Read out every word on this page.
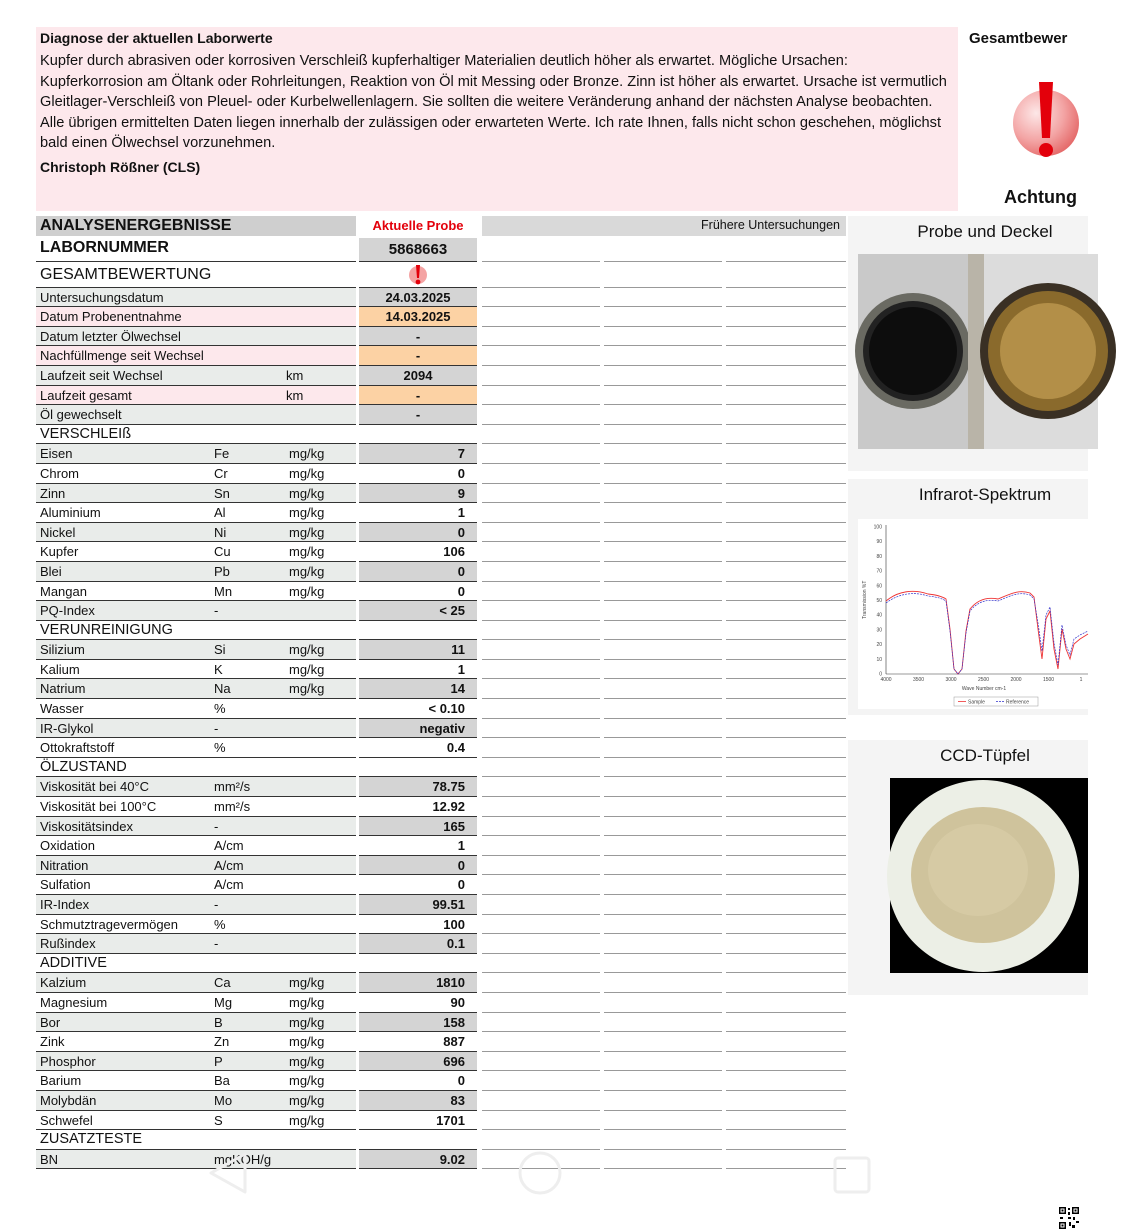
Diagnose der aktuellen Laborwerte

Kupfer durch abrasiven oder korrosiven Verschleiß kupferhaltiger Materialien deutlich höher als erwartet. Mögliche Ursachen: Kupferkorrosion am Öltank oder Rohrleitungen, Reaktion von Öl mit Messing oder Bronze. Zinn ist höher als erwartet. Ursache ist vermutlich Gleitlager-Verschleiß von Pleuel- oder Kurbelwellenlagern. Sie sollten die weitere Veränderung anhand der nächsten Analyse beobachten. Alle übrigen ermittelten Daten liegen innerhalb der zulässigen oder erwarteten Werte. Ich rate Ihnen, falls nicht schon geschehen, möglichst bald einen Ölwechsel vorzunehmen.

Christoph Rößner (CLS)
Gesamtbewer
Achtung
ANALYSENERGEBNISSE	Aktuelle Probe	Frühere Untersuchungen
LABORNUMMER	5868663
GESAMTBEWERTUNG
Untersuchungsdatum	24.03.2025
Datum Probenentnahme	14.03.2025
Datum letzter Ölwechsel	-
Nachfüllmenge seit Wechsel	-
Laufzeit seit Wechsel	km	2094
Laufzeit gesamt	km	-
Öl gewechselt	-
VERSCHLEIß
Eisen	Fe	mg/kg	7
Chrom	Cr	mg/kg	0
Zinn	Sn	mg/kg	9
Aluminium	Al	mg/kg	1
Nickel	Ni	mg/kg	0
Kupfer	Cu	mg/kg	106
Blei	Pb	mg/kg	0
Mangan	Mn	mg/kg	0
PQ-Index	-	< 25
VERUNREINIGUNG
Silizium	Si	mg/kg	11
Kalium	K	mg/kg	1
Natrium	Na	mg/kg	14
Wasser	%	< 0.10
IR-Glykol	-	negativ
Ottokraftstoff	%	0.4
ÖLZUSTAND
Viskosität bei 40°C	mm²/s	78.75
Viskosität bei 100°C	mm²/s	12.92
Viskositätsindex	-	165
Oxidation	A/cm	1
Nitration	A/cm	0
Sulfation	A/cm	0
IR-Index	-	99.51
Schmutztragevermögen	%	100
Rußindex	-	0.1
ADDITIVE
Kalzium	Ca	mg/kg	1810
Magnesium	Mg	mg/kg	90
Bor	B	mg/kg	158
Zink	Zn	mg/kg	887
Phosphor	P	mg/kg	696
Barium	Ba	mg/kg	0
Molybdän	Mo	mg/kg	83
Schwefel	S	mg/kg	1701
ZUSATZTESTE
BN	mgKOH/g	9.02
Probe und Deckel
Infrarot-Spektrum
Transmission %T
100
90
80
70
60
50
40
30
20
10
0
4000	3500	3000	2500	2000	1500	1
Wave Number cm-1
Sample	Reference
CCD-Tüpfel
